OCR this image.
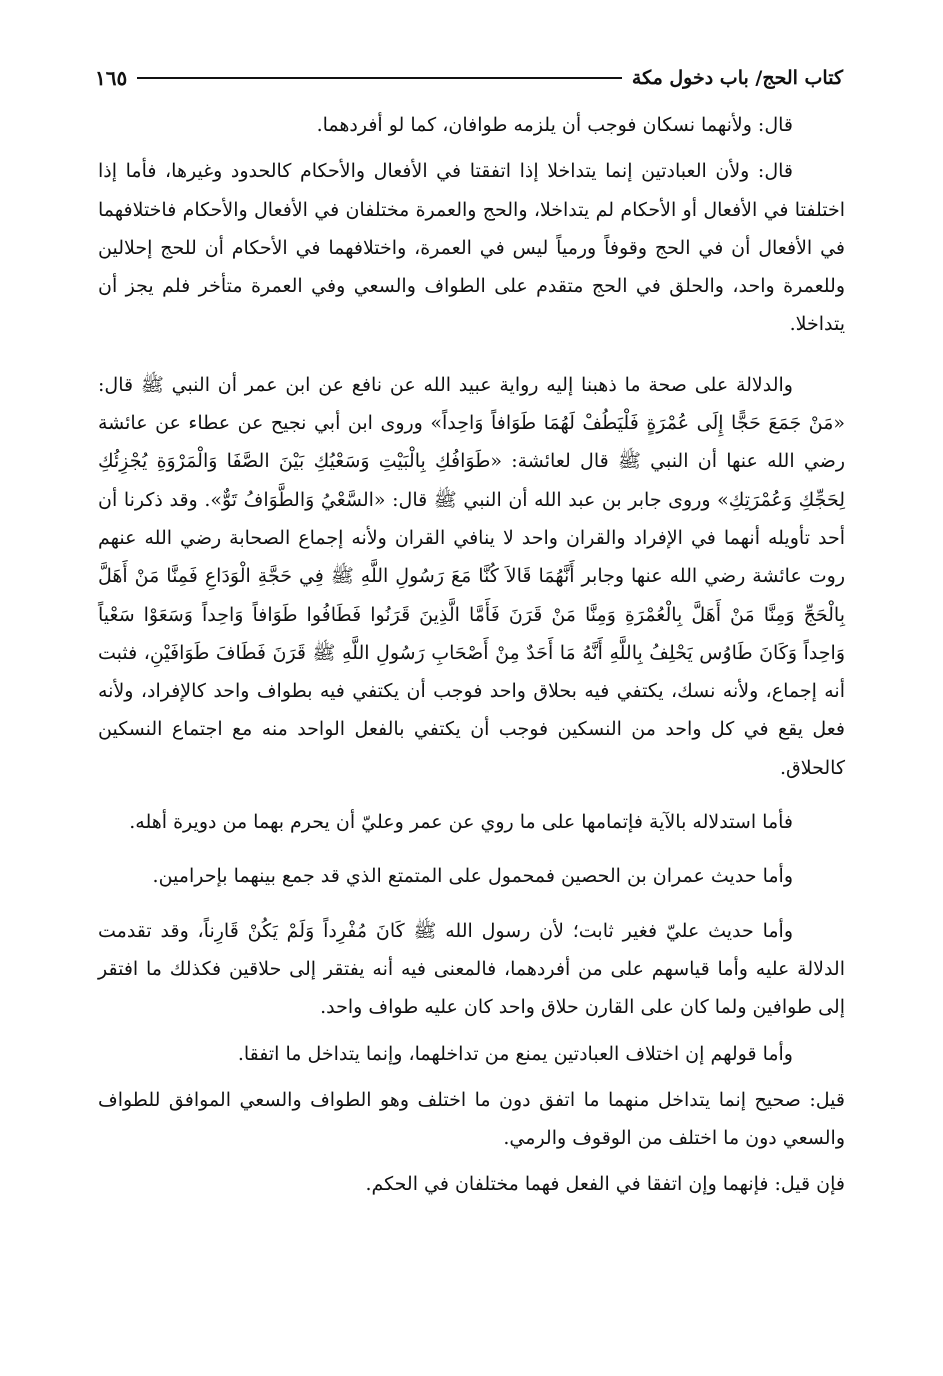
كتاب الحج/ باب دخول مكة
١٦٥

قال: ولأنهما نسكان فوجب أن يلزمه طوافان، كما لو أفردهما.

قال: ولأن العبادتين إنما يتداخلا إذا اتفقتا في الأفعال والأحكام كالحدود وغيرها، فأما إذا اختلفتا في الأفعال أو الأحكام لم يتداخلا، والحج والعمرة مختلفان في الأفعال والأحكام فاختلافهما في الأفعال أن في الحج وقوفاً ورمياً ليس في العمرة، واختلافهما في الأحكام أن للحج إحلالين وللعمرة واحد، والحلق في الحج متقدم على الطواف والسعي وفي العمرة متأخر فلم يجز أن يتداخلا.

والدلالة على صحة ما ذهبنا إليه رواية عبيد الله عن نافع عن ابن عمر أن النبي ﷺ قال: «مَنْ جَمَعَ حَجًّا إِلَى عُمْرَةٍ فَلْيَطُفْ لَهُمَا طَوَافاً وَاحِداً» وروى ابن أبي نجيح عن عطاء عن عائشة رضي الله عنها أن النبي ﷺ قال لعائشة: «طَوَافُكِ بِالْبَيْتِ وَسَعْيُكِ بَيْنَ الصَّفَا وَالْمَرْوَةِ يُجْزِئُكِ لِحَجِّكِ وَعُمْرَتِكِ» وروى جابر بن عبد الله أن النبي ﷺ قال: «السَّعْيُ وَالطَّوَافُ تَوٌّ». وقد ذكرنا أن أحد تأويله أنهما في الإفراد والقران واحد لا ينافي القران ولأنه إجماع الصحابة رضي الله عنهم روت عائشة رضي الله عنها وجابر أَنَّهُمَا قَالاَ كُنَّا مَعَ رَسُولِ اللَّهِ ﷺ فِي حَجَّةِ الْوَدَاعِ فَمِنَّا مَنْ أَهَلَّ بِالْحَجِّ وَمِنَّا مَنْ أَهَلَّ بِالْعُمْرَةِ وَمِنَّا مَنْ قَرَنَ فَأَمَّا الَّذِينَ قَرَنُوا فَطَافُوا طَوَافاً وَاحِداً وَسَعَوْا سَعْياً وَاحِداً وَكَانَ طَاوُس يَحْلِفُ بِاللَّهِ أَنَّهُ مَا أَحَدٌ مِنْ أَصْحَابِ رَسُولِ اللَّهِ ﷺ قَرَنَ فَطَافَ طَوَافَيْنِ، فثبت أنه إجماع، ولأنه نسك، يكتفي فيه بحلاق واحد فوجب أن يكتفي فيه بطواف واحد كالإفراد، ولأنه فعل يقع في كل واحد من النسكين فوجب أن يكتفي بالفعل الواحد منه مع اجتماع النسكين كالحلاق.

فأما استدلاله بالآية فإتمامها على ما روي عن عمر وعليّ أن يحرم بهما من دويرة أهله.

وأما حديث عمران بن الحصين فمحمول على المتمتع الذي قد جمع بينهما بإحرامين.

وأما حديث عليّ فغير ثابت؛ لأن رسول الله ﷺ كَانَ مُفْرِداً وَلَمْ يَكُنْ قَارِناً، وقد تقدمت الدلالة عليه وأما قياسهم على من أفردهما، فالمعنى فيه أنه يفتقر إلى حلاقين فكذلك ما افتقر إلى طوافين ولما كان على القارن حلاق واحد كان عليه طواف واحد.

وأما قولهم إن اختلاف العبادتين يمنع من تداخلهما، وإنما يتداخل ما اتفقا.

قيل: صحيح إنما يتداخل منهما ما اتفق دون ما اختلف وهو الطواف والسعي الموافق للطواف والسعي دون ما اختلف من الوقوف والرمي.

فإن قيل: فإنهما وإن اتفقا في الفعل فهما مختلفان في الحكم.
